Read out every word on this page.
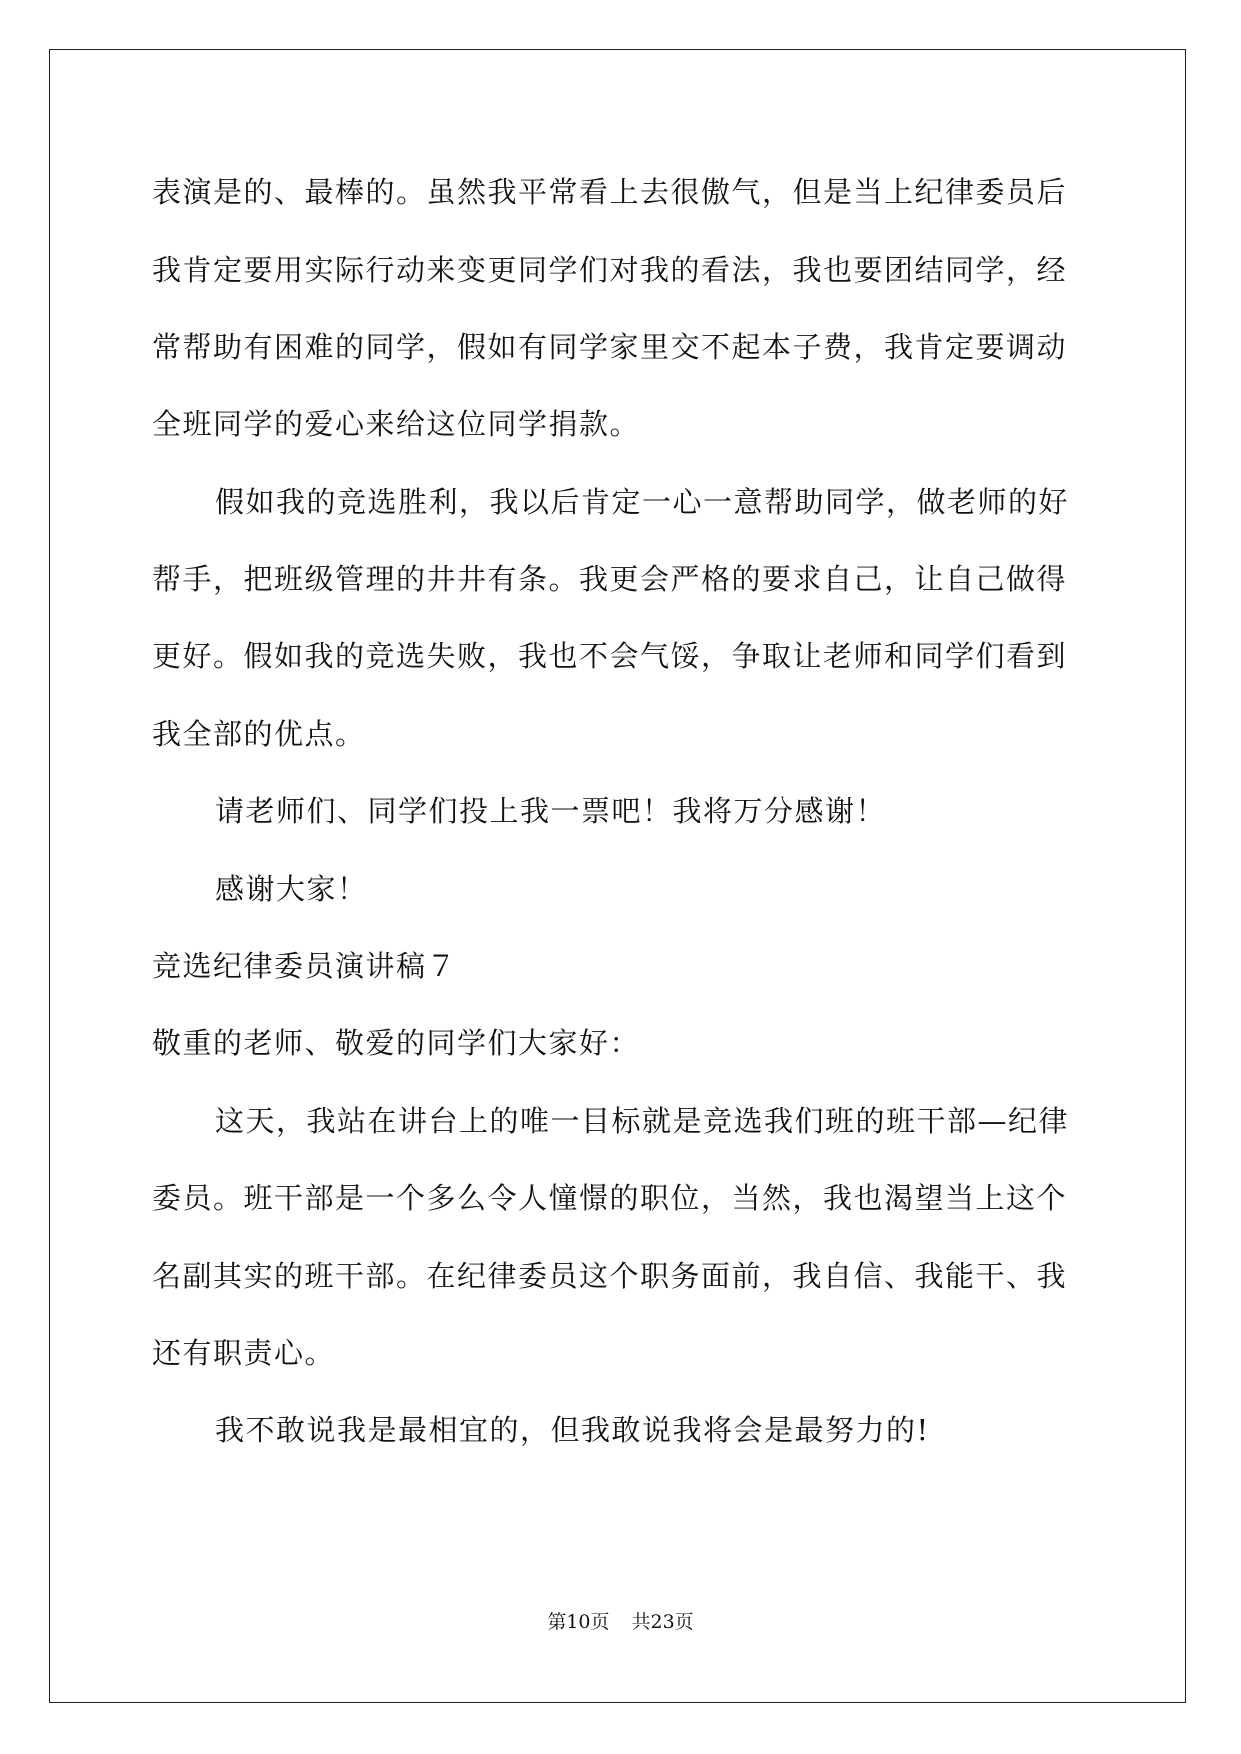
表演是的、最棒的。虽然我平常看上去很傲气，但是当上纪律委员后
我肯定要用实际行动来变更同学们对我的看法，我也要团结同学，经
常帮助有困难的同学，假如有同学家里交不起本子费，我肯定要调动
全班同学的爱心来给这位同学捐款。
假如我的竞选胜利，我以后肯定一心一意帮助同学，做老师的好
帮手，把班级管理的井井有条。我更会严格的要求自己，让自己做得
更好。假如我的竞选失败，我也不会气馁，争取让老师和同学们看到
我全部的优点。
请老师们、同学们投上我一票吧！我将万分感谢！
感谢大家！
竞选纪律委员演讲稿７
敬重的老师、敬爱的同学们大家好：
这天，我站在讲台上的唯一目标就是竞选我们班的班干部—纪律
委员。班干部是一个多么令人憧憬的职位，当然，我也渴望当上这个
名副其实的班干部。在纪律委员这个职务面前，我自信、我能干、我
还有职责心。
我不敢说我是最相宜的，但我敢说我将会是最努力的!
第10页 共23页
